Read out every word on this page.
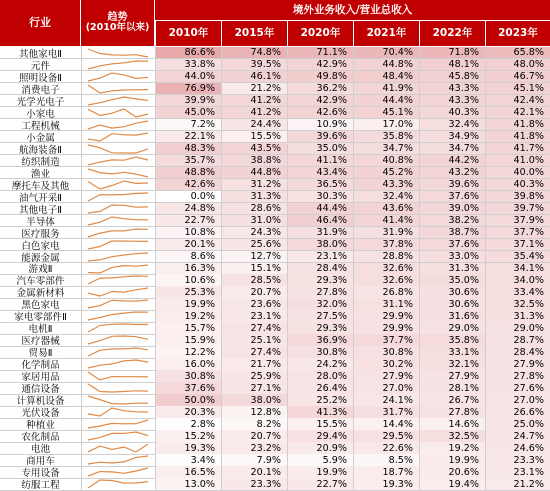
行业	趋势
(2010年以来)
境外业务收入/营业总收入
2010年	2015年	2020年	2021年	2022年	2023年
其他家电Ⅱ	86.6%	74.8%	71.1%	70.4%	71.8%	65.8%
元件	33.8%	39.5%	42.9%	44.8%	48.1%	48.0%
照明设备Ⅱ	44.0%	46.1%	49.8%	48.4%	45.8%	46.7%
消费电子	76.9%	21.2%	36.2%	41.9%	43.3%	45.1%
光学光电子	39.9%	41.2%	42.9%	44.4%	43.3%	42.4%
小家电	45.0%	41.2%	42.6%	45.1%	40.3%	42.1%
工程机械	7.2%	24.4%	10.9%	17.0%	32.4%	41.8%
小金属	22.1%	15.5%	39.6%	35.8%	34.9%	41.8%
航海装备Ⅱ	48.3%	43.5%	35.0%	34.7%	34.7%	41.7%
纺织制造	35.7%	38.8%	41.1%	40.8%	44.2%	41.0%
渔业	48.8%	44.8%	43.4%	45.2%	43.2%	40.0%
摩托车及其他	42.6%	31.2%	36.5%	43.3%	39.6%	40.3%
油气开采Ⅱ	0.0%	31.3%	30.3%	32.4%	37.6%	39.8%
其他电子Ⅱ	24.8%	28.6%	44.4%	43.6%	39.0%	39.7%
半导体	22.7%	31.0%	46.4%	41.4%	38.2%	37.9%
医疗服务	10.8%	24.3%	31.9%	31.9%	38.7%	37.7%
白色家电	20.1%	25.6%	38.0%	37.8%	37.6%	37.1%
能源金属	8.6%	12.7%	23.1%	28.8%	33.0%	35.4%
游戏Ⅱ	16.3%	15.1%	28.4%	32.6%	31.3%	34.1%
汽车零部件	10.6%	28.5%	29.3%	32.6%	35.0%	34.0%
金属新材料	25.3%	20.7%	27.8%	26.8%	30.6%	33.4%
黑色家电	19.9%	23.6%	32.0%	31.1%	30.6%	32.5%
家电零部件Ⅱ	19.2%	23.1%	27.5%	29.9%	31.6%	31.3%
电机Ⅱ	15.7%	27.4%	29.3%	29.9%	29.0%	29.0%
医疗器械	15.9%	25.1%	36.9%	37.7%	35.8%	28.7%
贸易Ⅱ	12.2%	27.4%	30.8%	30.8%	33.1%	28.4%
化学制品	16.0%	21.7%	24.2%	30.2%	32.1%	27.9%
家居用品	30.8%	25.9%	28.0%	27.9%	27.9%	27.8%
通信设备	37.6%	27.1%	26.4%	27.0%	28.1%	27.6%
计算机设备	50.0%	38.0%	25.2%	24.1%	26.7%	27.0%
光伏设备	20.3%	12.8%	41.3%	31.7%	27.8%	26.6%
种植业	2.8%	8.2%	15.5%	14.4%	14.6%	25.0%
农化制品	15.2%	20.7%	29.4%	29.5%	32.5%	24.7%
电池	19.3%	23.2%	20.9%	22.6%	19.2%	24.6%
商用车	3.4%	7.9%	5.9%	8.5%	19.9%	23.3%
专用设备	16.5%	20.1%	19.9%	18.7%	20.6%	23.1%
纺服工程	13.0%	23.3%	22.7%	19.3%	19.4%	21.2%
